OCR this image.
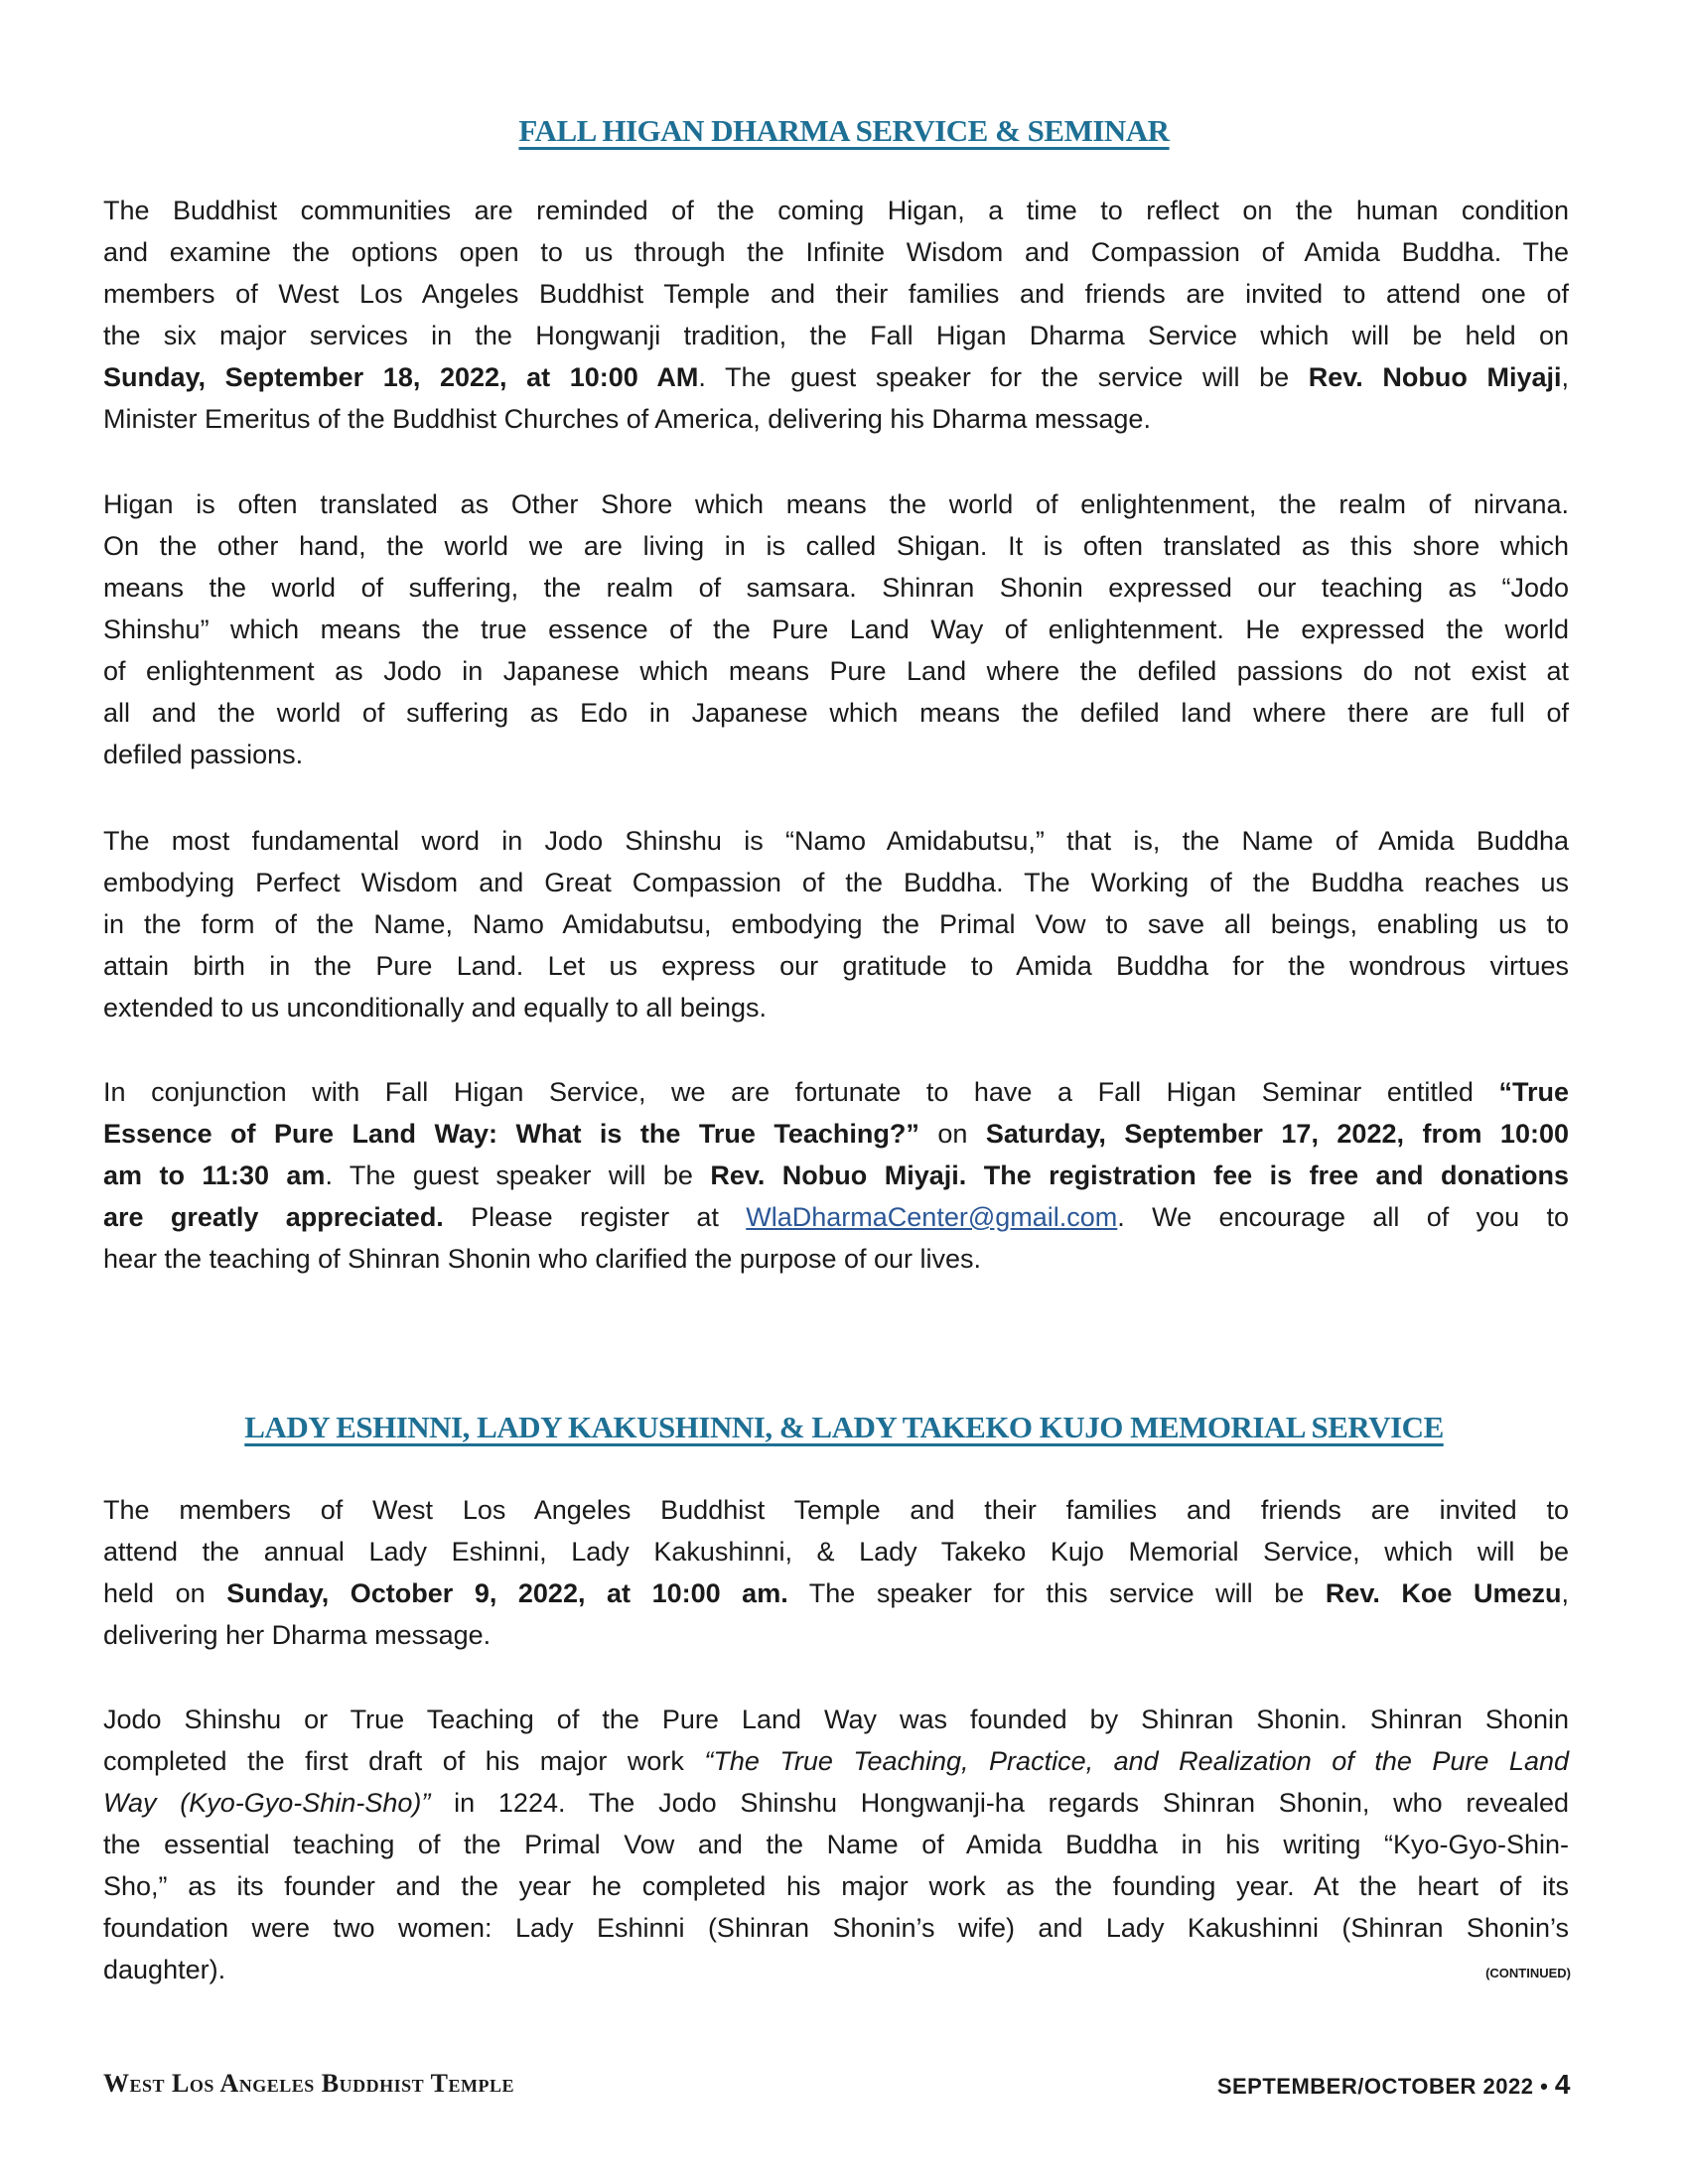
FALL HIGAN DHARMA SERVICE & SEMINAR
The Buddhist communities are reminded of the coming Higan, a time to reflect on the human condition
and examine the options open to us through the Infinite Wisdom and Compassion of Amida Buddha. The
members of West Los Angeles Buddhist Temple and their families and friends are invited to attend one of
the six major services in the Hongwanji tradition, the Fall Higan Dharma Service which will be held on
Sunday, September 18, 2022, at 10:00 AM. The guest speaker for the service will be Rev. Nobuo Miyaji,
Minister Emeritus of the Buddhist Churches of America, delivering his Dharma message.
Higan is often translated as Other Shore which means the world of enlightenment, the realm of nirvana.
On the other hand, the world we are living in is called Shigan. It is often translated as this shore which
means the world of suffering, the realm of samsara. Shinran Shonin expressed our teaching as “Jodo
Shinshu” which means the true essence of the Pure Land Way of enlightenment. He expressed the world
of enlightenment as Jodo in Japanese which means Pure Land where the defiled passions do not exist at
all and the world of suffering as Edo in Japanese which means the defiled land where there are full of
defiled passions.
The most fundamental word in Jodo Shinshu is “Namo Amidabutsu,” that is, the Name of Amida Buddha
embodying Perfect Wisdom and Great Compassion of the Buddha. The Working of the Buddha reaches us
in the form of the Name, Namo Amidabutsu, embodying the Primal Vow to save all beings, enabling us to
attain birth in the Pure Land. Let us express our gratitude to Amida Buddha for the wondrous virtues
extended to us unconditionally and equally to all beings.
In conjunction with Fall Higan Service, we are fortunate to have a Fall Higan Seminar entitled “True
Essence of Pure Land Way: What is the True Teaching?” on Saturday, September 17, 2022, from 10:00
am to 11:30 am. The guest speaker will be Rev. Nobuo Miyaji. The registration fee is free and donations
are greatly appreciated. Please register at WlaDharmaCenter@gmail.com. We encourage all of you to
hear the teaching of Shinran Shonin who clarified the purpose of our lives.
LADY ESHINNI, LADY KAKUSHINNI, & LADY TAKEKO KUJO MEMORIAL SERVICE
The members of West Los Angeles Buddhist Temple and their families and friends are invited to
attend the annual Lady Eshinni, Lady Kakushinni, & Lady Takeko Kujo Memorial Service, which will be
held on Sunday, October 9, 2022, at 10:00 am. The speaker for this service will be Rev. Koe Umezu,
delivering her Dharma message.
Jodo Shinshu or True Teaching of the Pure Land Way was founded by Shinran Shonin. Shinran Shonin
completed the first draft of his major work “The True Teaching, Practice, and Realization of the Pure Land
Way (Kyo-Gyo-Shin-Sho)” in 1224. The Jodo Shinshu Hongwanji-ha regards Shinran Shonin, who revealed
the essential teaching of the Primal Vow and the Name of Amida Buddha in his writing “Kyo-Gyo-Shin-
Sho,” as its founder and the year he completed his major work as the founding year. At the heart of its
foundation were two women: Lady Eshinni (Shinran Shonin’s wife) and Lady Kakushinni (Shinran Shonin’s
daughter).	(CONTINUED)
West Los Angeles Buddhist Temple	SEPTEMBER/OCTOBER 2022 • 4
